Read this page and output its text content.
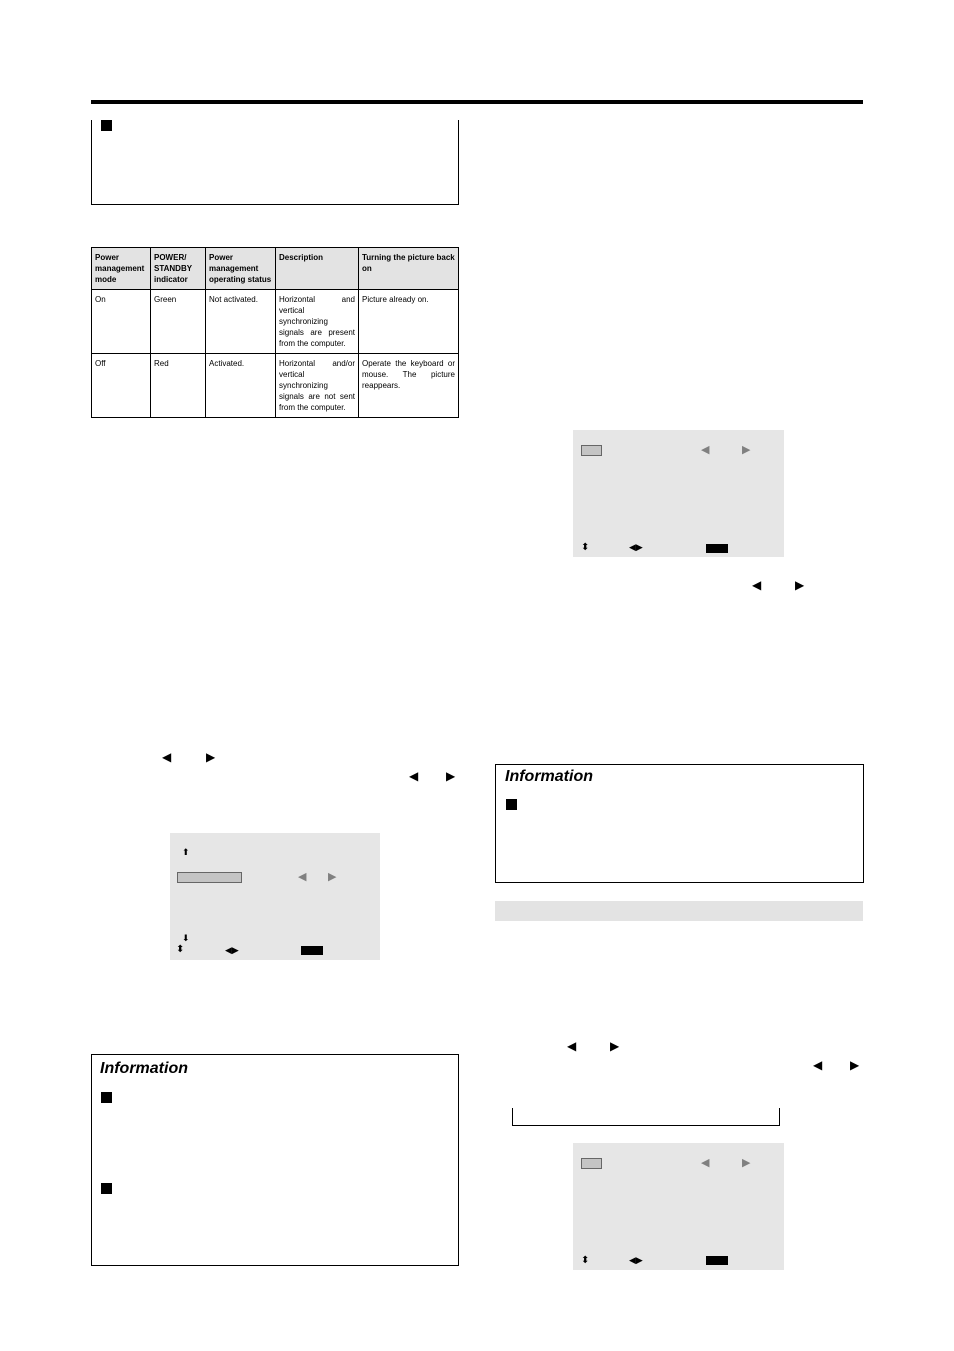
Power management mode	POWER/ STANDBY indicator	Power management operating status	Description	Turning the picture back on
On	Green	Not activated.	Horizontal and vertical synchronizing signals are present from the computer.	Picture already on.
Off	Red	Activated.	Horizontal and/or vertical synchronizing signals are not sent from the computer.	Operate the keyboard or mouse. The picture reappears.
◀	▶
◀ ▶
⬆
◀ ▶
⬇
⬍	◀▶
Information
◀	▶
⬍	◀▶
◀	▶
Information
◀	▶
◀ ▶
◀	▶
⬍	◀▶
